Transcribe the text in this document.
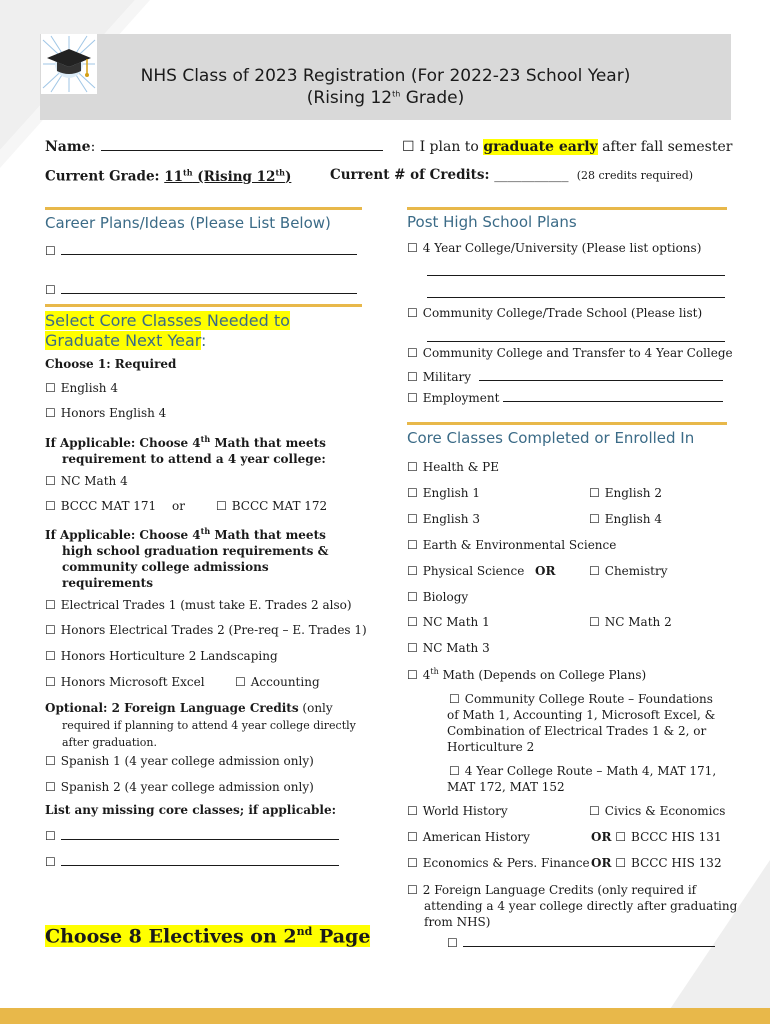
NHS Class of 2023 Registration (For 2022-23 School Year)
(Rising 12th Grade)
Name: ☐	I plan to graduate early after fall semester
Current Grade: 11th (Rising 12th)	Current # of Credits: ___________ (28 credits required)
Career Plans/Ideas (Please List Below)
☐
☐
Select Core Classes Needed to
Graduate Next Year:
Choose 1: Required
☐ English 4
☐ Honors English 4
If Applicable: Choose 4th Math that meets
requirement to attend a 4 year college:
☐ NC Math 4
☐ BCCC MAT 171 or ☐	BCCC MAT 172
If Applicable: Choose 4th Math that meets
high school graduation requirements &
community college admissions
requirements
☐ Electrical Trades 1 (must take E. Trades 2 also)
☐ Honors Electrical Trades 2 (Pre-req – E. Trades 1)
☐ Honors Horticulture 2 Landscaping
☐ Honors Microsoft Excel ☐	Accounting
Optional: 2 Foreign Language Credits (only
required if planning to attend 4 year college directly
after graduation.
☐ Spanish 1 (4 year college admission only)
☐ Spanish 2 (4 year college admission only)
List any missing core classes; if applicable:
☐
☐
Choose 8 Electives on 2nd Page
Post High School Plans
☐ 4 Year College/University (Please list options)
☐ Community College/Trade School (Please list)
☐ Community College and Transfer to 4 Year College
☐ Military
☐ Employment
Core Classes Completed or Enrolled In
☐ Health & PE
☐ English 1 ☐	English 2
☐ English 3 ☐	English 4
☐ Earth & Environmental Science
☐ Physical Science OR ☐	Chemistry
☐ Biology
☐ NC Math 1 ☐	NC Math 2
☐ NC Math 3
☐ 4th Math (Depends on College Plans)
☐ Community College Route – Foundations
of Math 1, Accounting 1, Microsoft Excel, &
Combination of Electrical Trades 1 & 2, or
Horticulture 2
☐ 4 Year College Route – Math 4, MAT 171,
MAT 172, MAT 152
☐ World History ☐	Civics & Economics
☐ American History	OR ☐ BCCC HIS 131
☐ Economics & Pers. Finance OR ☐ BCCC HIS 132
☐ 2 Foreign Language Credits (only required if
attending a 4 year college directly after graduating
from NHS)
☐
